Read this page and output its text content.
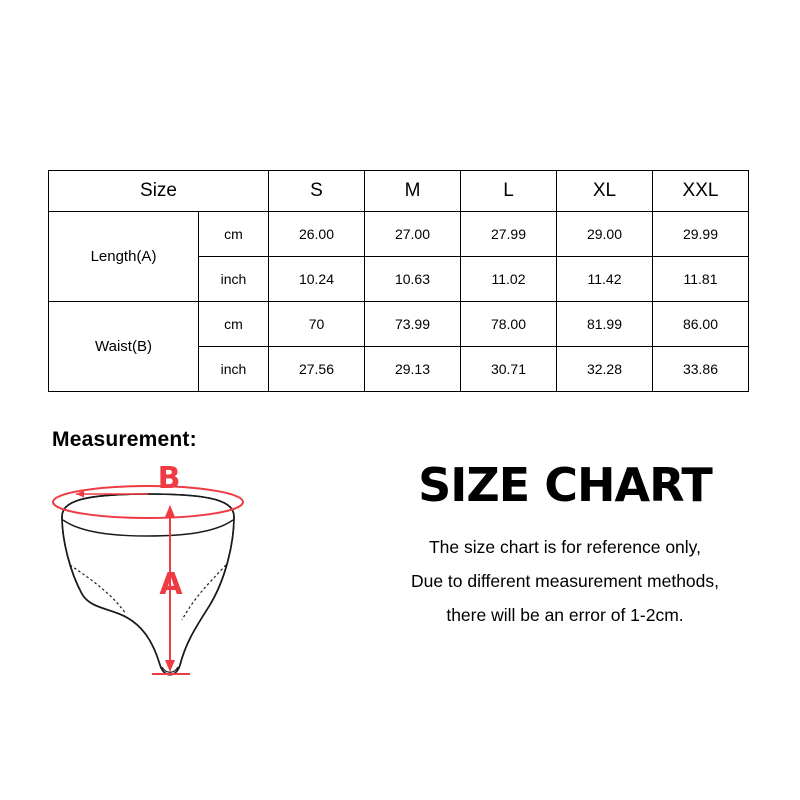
Size		S	M	L	XL	XXL
Length(A)	cm	26.00	27.00	27.99	29.00	29.99
	inch	10.24	10.63	11.02	11.42	11.81
Waist(B)	cm	70	73.99	78.00	81.99	86.00
	inch	27.56	29.13	30.71	32.28	33.86
Measurement:
B
A
SIZE CHART
The size chart is for reference only,
Due to different measurement methods,
there will be an error of 1-2cm.
